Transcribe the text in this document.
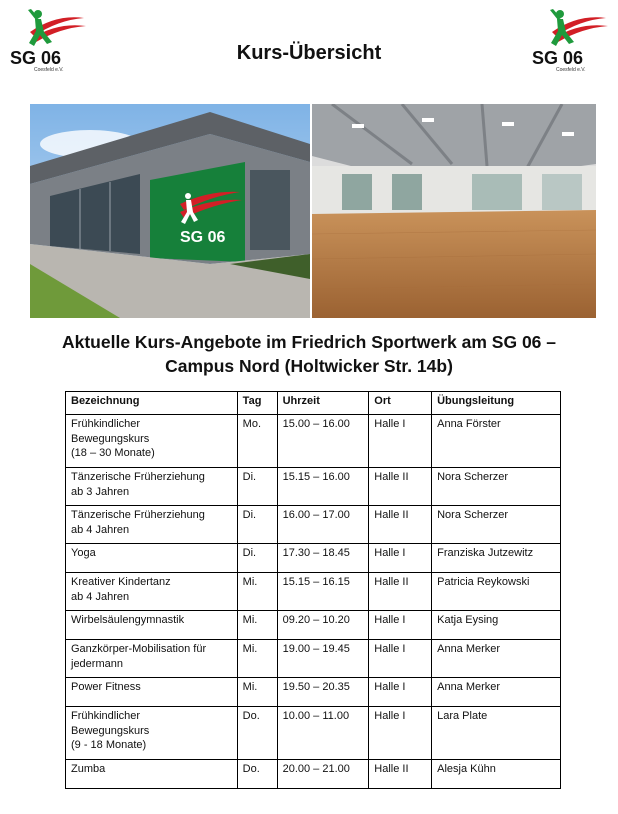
SG 06
Coesfeld e.V.
Kurs-Übersicht	SG 06
Coesfeld e.V.
SG 06
Aktuelle Kurs-Angebote im Friedrich Sportwerk am SG 06 –
Campus Nord (Holtwicker Str. 14b)
Bezeichnung	Tag	Uhrzeit	Ort	Übungsleitung
Frühkindlicher
Bewegungskurs
(18 – 30 Monate)	Mo.	15.00 – 16.00	Halle I	Anna Förster
Tänzerische Früherziehung
ab 3 Jahren	Di.	15.15 – 16.00	Halle II	Nora Scherzer
Tänzerische Früherziehung
ab 4 Jahren	Di.	16.00 – 17.00	Halle II	Nora Scherzer
Yoga	Di.	17.30 – 18.45	Halle I	Franziska Jutzewitz
Kreativer Kindertanz
ab 4 Jahren	Mi.	15.15 – 16.15	Halle II	Patricia Reykowski
Wirbelsäulengymnastik	Mi.	09.20 – 10.20	Halle I	Katja Eysing
Ganzkörper-Mobilisation für
jedermann	Mi.	19.00 – 19.45	Halle I	Anna Merker
Power Fitness	Mi.	19.50 – 20.35	Halle I	Anna Merker
Frühkindlicher
Bewegungskurs
(9 - 18 Monate)	Do.	10.00 – 11.00	Halle I	Lara Plate
Zumba	Do.	20.00 – 21.00	Halle II	Alesja Kühn
